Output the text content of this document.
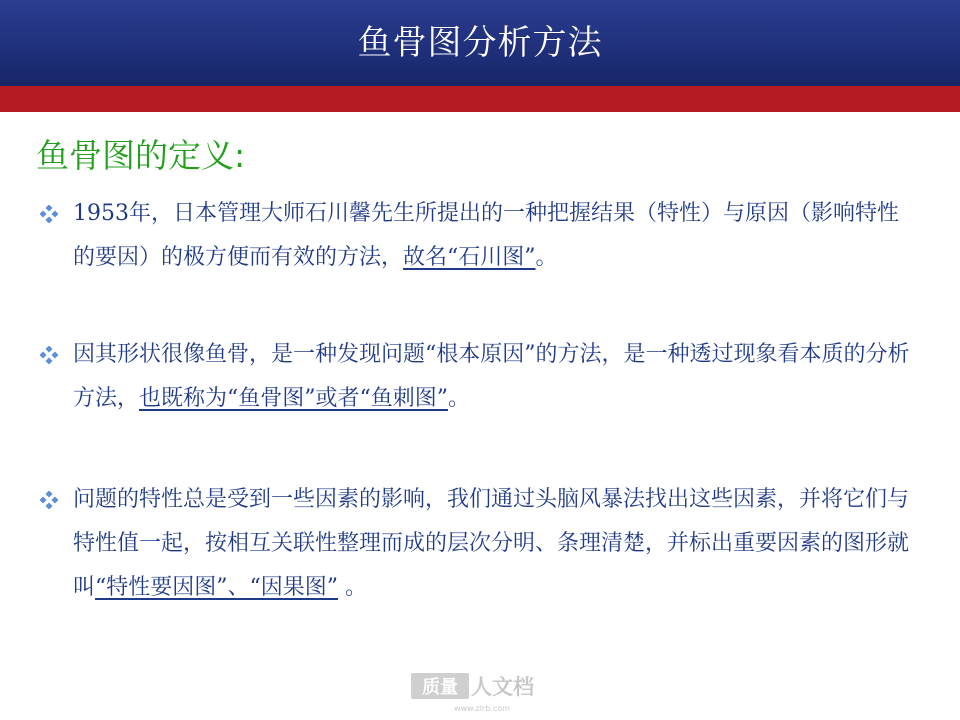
鱼骨图分析方法
鱼骨图的定义:
1953年，日本管理大师石川馨先生所提出的一种把握结果（特性）与原因（影响特性的要因）的极方便而有效的方法，故名“石川图”。
因其形状很像鱼骨，是一种发现问题“根本原因”的方法，是一种透过现象看本质的分析方法，也既称为“鱼骨图”或者“鱼刺图”。
问题的特性总是受到一些因素的影响，我们通过头脑风暴法找出这些因素，并将它们与特性值一起，按相互关联性整理而成的层次分明、条理清楚，并标出重要因素的图形就叫“特性要因图”、“因果图” 。
质量 人文档
www.zlrb.com
